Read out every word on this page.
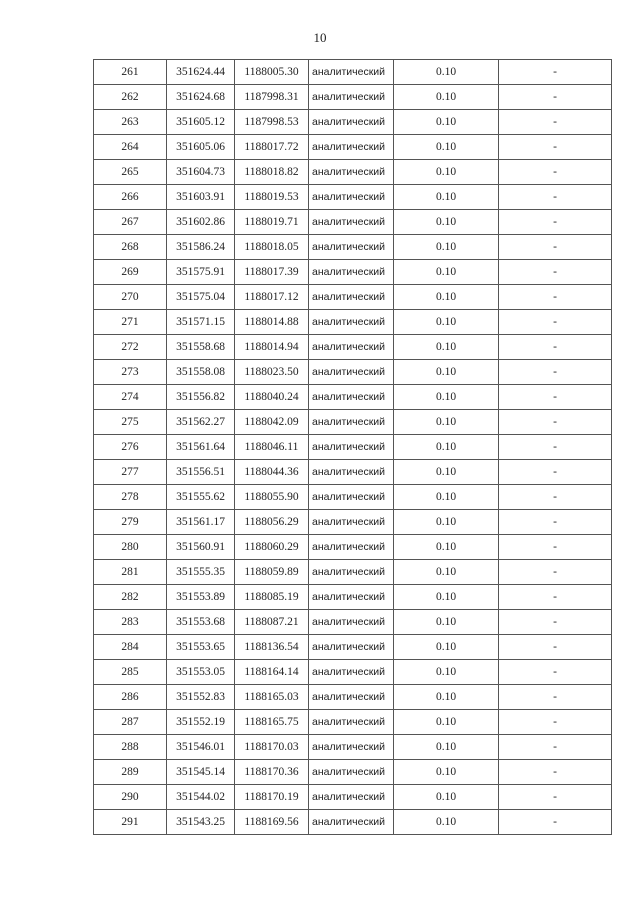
10
261	351624.44	1188005.30	аналитический	0.10	-
262	351624.68	1187998.31	аналитический	0.10	-
263	351605.12	1187998.53	аналитический	0.10	-
264	351605.06	1188017.72	аналитический	0.10	-
265	351604.73	1188018.82	аналитический	0.10	-
266	351603.91	1188019.53	аналитический	0.10	-
267	351602.86	1188019.71	аналитический	0.10	-
268	351586.24	1188018.05	аналитический	0.10	-
269	351575.91	1188017.39	аналитический	0.10	-
270	351575.04	1188017.12	аналитический	0.10	-
271	351571.15	1188014.88	аналитический	0.10	-
272	351558.68	1188014.94	аналитический	0.10	-
273	351558.08	1188023.50	аналитический	0.10	-
274	351556.82	1188040.24	аналитический	0.10	-
275	351562.27	1188042.09	аналитический	0.10	-
276	351561.64	1188046.11	аналитический	0.10	-
277	351556.51	1188044.36	аналитический	0.10	-
278	351555.62	1188055.90	аналитический	0.10	-
279	351561.17	1188056.29	аналитический	0.10	-
280	351560.91	1188060.29	аналитический	0.10	-
281	351555.35	1188059.89	аналитический	0.10	-
282	351553.89	1188085.19	аналитический	0.10	-
283	351553.68	1188087.21	аналитический	0.10	-
284	351553.65	1188136.54	аналитический	0.10	-
285	351553.05	1188164.14	аналитический	0.10	-
286	351552.83	1188165.03	аналитический	0.10	-
287	351552.19	1188165.75	аналитический	0.10	-
288	351546.01	1188170.03	аналитический	0.10	-
289	351545.14	1188170.36	аналитический	0.10	-
290	351544.02	1188170.19	аналитический	0.10	-
291	351543.25	1188169.56	аналитический	0.10	-
